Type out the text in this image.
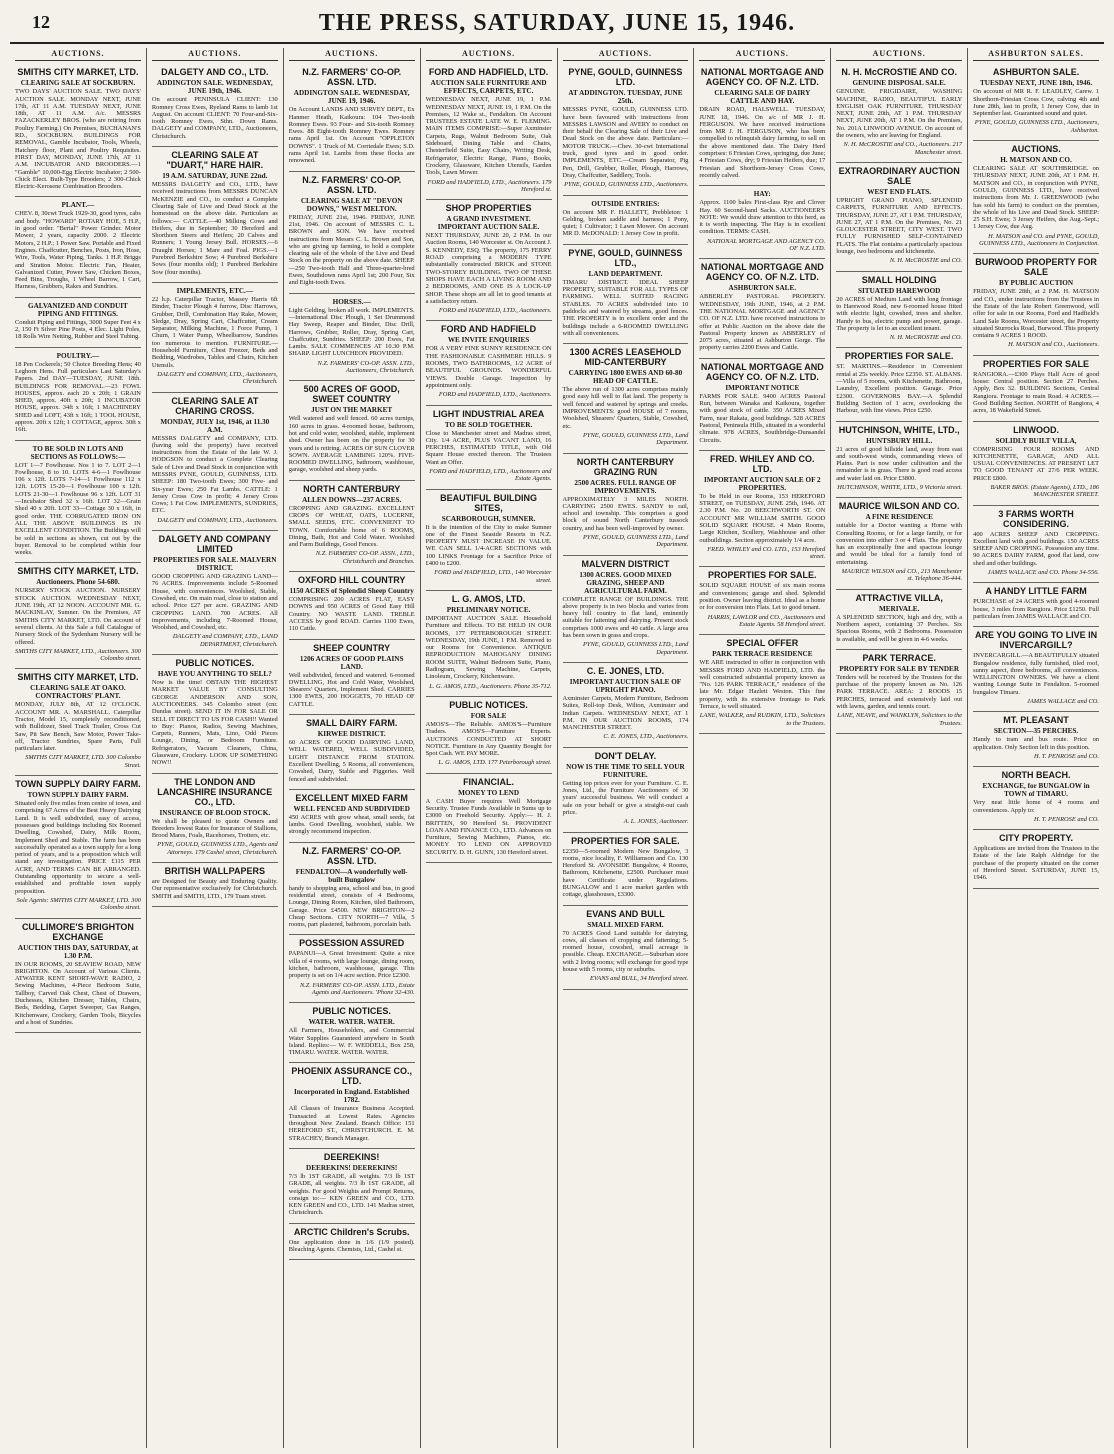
12	THE PRESS, SATURDAY, JUNE 15, 1946.
AUCTIONS.
SMITHS CITY MARKET, LTD.
CLEARING SALE AT SOCKBURN.

TWO DAYS' AUCTION SALE. TWO DAYS' AUCTION SALE. MONDAY NEXT, JUNE 17th, AT 11 A.M. TUESDAY NEXT, JUNE 18th, AT 11 A.M. A/c. MESSRS FAZACKERLEY BROS. (who are retiring from Poultry Farming.) On Premises, BUCHANAN'S RD., SOCKBURN. BUILDINGS FOR REMOVAL, Gamble Incubator, Tools, Wheels, Hatchery floor, Plant and Poultry Requisites. FIRST DAY, MONDAY, JUNE 17th, AT 11 A.M. INCUBATOR AND BROODERS.—1 "Gamble" 10,000-Egg Electric Incubator; 2 500-Chick Elect. Built-Type Brooders; 2 300-Chick Electric-Kerosene Combination Brooders.

PLANT.—

CHEV. 8, 30cwt Truck 1929-30, good tyres, cabs and body. "HOWARD" ROTARY HOE, 5 H.P., in good order. "Bertal" Power Grinder. Motor Mower, 2 years, capacity 2000. 2 Electric Motors, 2 H.P.; 1 Power Saw. Portable and Fixed Engines. Chaffcutter, Benches, Posts, Iron, Hose, Wire, Tools, Water Piping, Tanks. 1 H.P. Briggs and Stratton Motor. Electric Fan, Heater, Galvanized Cutter, Power Saw, Chicken Boxes, Feed Bins, Troughs, 1 Wheel Barrow, 1 Cart, Harness, Grubbers, Rakes and Sundries.

GALVANIZED AND CONDUIT PIPING AND FITTINGS.

Conduit Piping and Fittings, 3000 Super Feet 4 x 2, 150 Ft Silver Pine Posts, 4 Elec. Light Poles, 18 Rolls Wire Netting, Rubber and Steel Tubing.

POULTRY.—

18 Pen Cockerels; 50 Choice Breeding Hens; 40 Leghorn Hens. Full particulars Last Saturday's Papers. 2nd DAY—TUESDAY, JUNE 18th. BUILDINGS FOR REMOVAL.—23 FOWL HOUSES, approx. each 20 x 20ft; 1 GRAIN SHED, approx. 40ft x 20ft; 1 INCUBATOR HOUSE, approx. 34ft x 16ft; 1 MACHINERY SHED and LOFT, 43ft x 16ft; 1 TOOL HOUSE, approx. 20ft x 12ft; 1 COTTAGE, approx. 30ft x 16ft.

TO BE SOLD IN LOTS AND SECTIONS AS FOLLOWS:—

LOT 1—7 Fowlhouse. Nos 1 to 7. LOT 2—1 Fowlhouse, 8 to 10. LOTS 4-6—1 Fowlhouse 106 x 12ft. LOTS 7-14—1 Fowlhouse 112 x 12ft. LOTS 15-20—1 Fowlhouse 100 x 12ft. LOTS 21-30—1 Fowlhouse 96 x 12ft. LOT 31—Incubator Shed 32 x 16ft. LOT 32—Grain Shed 40 x 20ft. LOT 33—Cottage 30 x 16ft, in good order. THE CORRUGATED IRON ON ALL THE ABOVE BUILDINGS IS IN EXCELLENT CONDITION. The Buildings will be sold in sections as shown, cut out by the buyer. Removal to be completed within four weeks.

SMITHS CITY MARKET, LTD.
Auctioneers. Phone 54-680.

NURSERY STOCK AUCTION. NURSERY STOCK AUCTION. WEDNESDAY NEXT, JUNE 19th, AT 12 NOON. ACCOUNT MR. G. MACKINLAY, Sumner. On the Premises, AT SMITHS CITY MARKET, LTD. On account of several clients. At this Sale a full Catalogue of Nursery Stock of the Sydenham Nursery will be offered.

SMITHS CITY MARKET, LTD., Auctioneers. 300 Colombo street.

SMITHS CITY MARKET, LTD.
CLEARING SALE AT OAKO. CONTRACTORS' PLANT.

MONDAY, JULY 8th, AT 12 O'CLOCK. ACCOUNT MR. A. MARSHALL. Caterpillar Tractor, Model 15, completely reconditioned, with Bulldozer, Steel Track Trailer, Cross Cut Saw, Pit Saw Bench, Saw Motor, Power Take-off, Tractor Sundries, Spare Parts, Full particulars later.

SMITHS CITY MARKET, LTD. 300 Colombo Street.

TOWN SUPPLY DAIRY FARM.
TOWN SUPPLY DAIRY FARM.

Situated only five miles from centre of town, and comprising 67 Acres of the Best Heavy Dairying Land. It is well subdivided, easy of access, possesses good buildings including Six Roomed Dwelling, Cowshed, Dairy, Milk Room, Implement Shed and Stable. The farm has been successfully operated as a town supply for a long period of years, and is a proposition which will stand any investigation. PRICE £115 PER ACRE, AND TERMS CAN BE ARRANGED. Outstanding opportunity to secure a well-established and profitable town supply proposition.

Sole Agents: SMITHS CITY MARKET, LTD. 300 Colombo street.

CULLIMORE'S BRIGHTON EXCHANGE
AUCTION THIS DAY, SATURDAY, at 1.30 P.M.

IN OUR ROOMS, 20 SEAVIEW ROAD, NEW BRIGHTON. On Account of Various Clients. ATWATER KENT SHORT-WAVE RADIO, 2 Sewing Machines, 4-Piece Bedroom Suite, Tallboy, Carved Oak Chest, Chest of Drawers, Duchesses, Kitchen Dresser, Tables, Chairs, Beds, Bedding, Carpet Sweeper, Gas Ranges, Kitchenware, Crockery, Garden Tools, Bicycles and a host of Sundries.

AUCTIONS.
DALGETY AND CO., LTD.
ADDINGTON SALE. WEDNESDAY, JUNE 19th, 1946.

On account PENINSULA CLIENT: 130 Romney Cross Ewes, Ryeland Rams to lamb 1st August. On account CLIENT: 70 Four-and-Six-tooth Romney Ewes, Sthn. Down Rams. DALGETY and COMPANY, LTD., Auctioneers, Christchurch.

CLEARING SALE AT "DUART," HARE HAIR.
19 A.M. SATURDAY, JUNE 22nd.

MESSRS DALGETY and CO., LTD., have received instructions from MESSRS DUNCAN McKENZIE and CO., to conduct a Complete Clearing Sale of Live and Dead Stock at the homestead on the above date. Particulars as follows:— CATTLE.—40 Milking Cows and Heifers, due in September; 30 Hereford and Shorthorn Steers and Heifers; 20 Calves and Runners; 1 Young Jersey Bull. HORSES.—6 Draught Horses; 1 Mare and Foal. PIGS.—1 Purebred Berkshire Sow; 4 Purebred Berkshire Sows (four months old); 1 Purebred Berkshire Sow (four months).

IMPLEMENTS, ETC.—

22 h.p. Caterpillar Tractor, Massey Harris 6ft Binder, Tractor Plough 4 furrow, Disc Harrows, Grubber, Drill, Combination Hay Rake, Mower, Sledge, Dray, Spring Cart, Chaffcutter, Cream Separator, Milking Machine, 1 Force Pump, 1 Churn, 1 Water Pump, Wheelbarrow, Sundries too numerous to mention. FURNITURE.—Household Furniture, Chest Freezer, Beds and Bedding, Wardrobes, Tables and Chairs, Kitchen Utensils.

DALGETY and COMPANY, LTD., Auctioneers, Christchurch.

CLEARING SALE AT CHARING CROSS.
MONDAY, JULY 1st, 1946, at 11.30 A.M.

MESSRS DALGETY and COMPANY, LTD. (having sold the property) have received instructions from the Estate of the late W. J. HODGSON to conduct a Complete Clearing Sale of Live and Dead Stock in conjunction with MESSRS PYNE, GOULD, GUINNESS, LTD. SHEEP: 180 Two-tooth Ewes; 300 Five- and Six-year Ewes; 250 Fat Lambs. CATTLE: 1 Jersey Cross Cow in profit; 4 Jersey Cross Cows; 1 Fat Cow. IMPLEMENTS, SUNDRIES, ETC.

DALGETY and COMPANY, LTD., Auctioneers.

DALGETY AND COMPANY LIMITED
PROPERTIES FOR SALE. MALVERN DISTRICT.

GOOD CROPPING AND GRAZING LAND—76 ACRES. Improvements include 5-Roomed House, with conveniences. Woolshed, Stable, Cowshed, etc. On main road, close to station and school. Price £27 per acre. GRAZING AND CROPPING LAND. 700 ACRES. All improvements, including 7-Roomed House, Woolshed, and Cowshed, etc.

DALGETY and COMPANY, LTD., LAND DEPARTMENT, Christchurch.

PUBLIC NOTICES.
HAVE YOU ANYTHING TO SELL?

Now is the time! OBTAIN THE HIGHEST MARKET VALUE BY CONSULTING GEORGE ANDERSON AND SON, AUCTIONEERS. 345 Colombo street (cnr. Dundas street). SEND IT IN FOR SALE OR SELL IT DIRECT TO US FOR CASH!! Wanted to Buy: Pianos, Radios, Sewing Machines, Carpets, Runners, Mats, Lino, Odd Pieces Lounge, Dining, or Bedroom Furniture. Refrigerators, Vacuum Cleaners, China, Glassware, Crockery. LOOK UP SOMETHING NOW!!

THE LONDON AND LANCASHIRE INSURANCE CO., LTD.
INSURANCE OF BLOOD STOCK.

We shall be pleased to quote Owners and Breeders lowest Rates for Insurance of Stallions, Brood Mares, Foals, Racehorses, Trotters, etc.

PYNE, GOULD, GUINNESS LTD., Agents and Attorneys. 179 Cashel street, Christchurch.

BRITISH WALLPAPERS

are Designed for Beauty and Enduring Quality. Our representative exclusively for Christchurch. SMITH and SMITH, LTD., 179 Tuam street.

AUCTIONS.
N.Z. FARMERS' CO-OP. ASSN. LTD.
ADDINGTON SALE. WEDNESDAY, JUNE 19, 1946.

On Account LANDS AND SURVEY DEPT., Ex Hanmer Heath, Kaikoura: 104 Two-tooth Romney Ewes. 93 Four- and Six-tooth Romney Ewes. 88 Eight-tooth Romney Ewes. Romney rams April 1st. On Account "OPPLETON DOWNS". 1 Truck of M. Corriedale Ewes; S.D. rams April 1st. Lambs from these flocks are renowned.

N.Z. FARMERS' CO-OP. ASSN. LTD.
CLEARING SALE AT "DEVON DOWNS," WEST MELTON.

FRIDAY, JUNE 21st, 1946. FRIDAY, JUNE 21st, 1946. On account of MESSRS C. L. BROWN and SON. We have received instructions from Messrs C. L. Brown and Son, who are giving up farming, to hold a complete clearing sale of the whole of the Live and Dead Stock on the property on the above date. SHEEP.—250 Two-tooth Half and Three-quarter-bred Ewes, Southdown rams April 1st; 200 Four, Six and Eight-tooth Ewes.

HORSES.—

Light Gelding, broken all work. IMPLEMENTS.—International Disc Plough, 1 Set Drummond Hay Sweep, Reaper and Binder, Disc Drill, Harrows, Grubber, Roller, Dray, Spring Cart, Chaffcutter, Sundries. SHEEP: 200 Ewes, Fat Lambs. SALE COMMENCES AT 10.30 P.M. SHARP. LIGHT LUNCHEON PROVIDED.

N.Z. FARMERS' CO-OP. ASSN. LTD., Auctioneers, Christchurch.

500 ACRES OF GOOD, SWEET COUNTRY
JUST ON THE MARKET

Well watered and well fenced. 60 acres turnips, 160 acres in grass. 4-roomed house, bathroom, hot and cold water, woolshed, stable, implement shed. Owner has been on the property for 30 years and is retiring. ACRES OF SUN CLOVER SOWN. AVERAGE LAMBING 120%. FIVE-ROOMED DWELLING, bathroom, washhouse, garage, woolshed and sheep yards.

NORTH CANTERBURY
ALLEN DOWNS—237 ACRES.

CROPPING AND GRAZING. EXCELLENT CROPS OF WHEAT, OATS, LUCERNE, SMALL SEEDS, ETC. CONVENIENT TO TOWN. Comfortable home of 6 ROOMS, Dining, Bath, Hot and Cold Water. Woolshed and Farm Buildings, Good Fences.

N.Z. FARMERS' CO-OP. ASSN., LTD., Christchurch and Branches.

OXFORD HILL COUNTRY
1150 ACRES of Splendid Sheep Country

COMPRISING 200 ACRES FLAT, EASY DOWNS and 950 ACRES of Good Easy Hill Country. NO WASTE LAND. TREBLE ACCESS by good ROAD. Carries 1100 Ewes, 110 Cattle.

SHEEP COUNTRY
1206 ACRES OF GOOD PLAINS LAND.

Well subdivided, fenced and watered. 6-roomed DWELLING, Hot and Cold Water, Woolshed, Shearers' Quarters, Implement Shed. CARRIES 1300 EWES, 200 HOGGETS, 70 HEAD OF CATTLE.

SMALL DAIRY FARM.
KIRWEE DISTRICT.

60 ACRES OF GOOD DAIRYING LAND, WELL WATERED, WELL SUBDIVIDED, LIGHT DISTANCE FROM STATION. Excellent Dwelling, 5 Rooms, all conveniences, Cowshed, Dairy, Stable and Piggeries. Well fenced and subdivided.

EXCELLENT MIXED FARM
WELL FENCED AND SUBDIVIDED

450 ACRES with grow wheat, small seeds, fat lambs. Good Dwelling, woolshed, stable. We strongly recommend inspection.

N.Z. FARMERS' CO-OP. ASSN. LTD.
FENDALTON—A wonderfully well-built Bungalow

handy to shopping area, school and bus, in good residential street, consists of 4 Bedrooms, Lounge, Dining Room, Kitchen, tiled Bathroom, Garage. Price £4500. NEW BRIGHTON—2 Cheap Sections. CITY NORTH—7 Villa, 5 rooms, part plastered, bathroom, porcelain bath.

POSSESSION ASSURED

PAPANUI—A Great Investment: Quite a nice villa of 4 rooms, with large lounge, dining room, kitchen, bathroom, washhouse, garage. This property is set on 1/4 acre section. Price £2300.

N.Z. FARMERS' CO-OP. ASSN. LTD., Estate Agents and Auctioneers. 'Phone 32-430.

PUBLIC NOTICES.
WATER. WATER. WATER.

All Farmers, Householders, and Commercial Water Supplies Guaranteed anywhere in South Island. Replies:— W. F. WEDDELL, Box 258, TIMARU. WATER. WATER. WATER.

PHOENIX ASSURANCE CO., LTD.
Incorporated in England. Established 1782.

All Classes of Insurance Business Accepted. Transacted at Lowest Rates. Agencies throughout New Zealand. Branch Office: 151 HEREFORD ST., CHRISTCHURCH. E. M. STRACHEY, Branch Manager.

DEEREKINS!
DEEREKINS! DEEREKINS!

7/3 lb 1ST GRADE, all weights. 7/3 lb 1ST GRADE, all weights. 7/3 lb 1ST GRADE, all weights. For good Weights and Prompt Returns, consign to:— KEN GREEN and CO., LTD. KEN GREEN and CO., LTD. 141 Madras street, Christchurch.

ARCTIC Children's Scrubs.

One application done in 1/6 (1/9 posted). Bleaching Agents. Chemists, Ltd., Cashel st.

AUCTIONS.
FORD AND HADFIELD, LTD.
AUCTION SALE FURNITURE AND EFFECTS, CARPETS, ETC.

WEDNESDAY NEXT, JUNE 19, 1 P.M. WEDNESDAY NEXT, JUNE 19, 1 P.M. On the Premises, 12 Wake st., Fendalton. On Account TRUSTEES ESTATE LATE W. E. FLEMING. MAIN ITEMS COMPRISE:—Super Axminster Carpets, Rugs, Walnut Bedroom Suite, Oak Sideboard, Dining Table and Chairs, Chesterfield Suite, Easy Chairs, Writing Desk, Refrigerator, Electric Range, Piano, Books, Crockery, Glassware, Kitchen Utensils, Garden Tools, Lawn Mower.

FORD and HADFIELD, LTD., Auctioneers. 179 Hereford st.

SHOP PROPERTIES
A GRAND INVESTMENT. IMPORTANT AUCTION SALE.

NEXT THURSDAY, JUNE 20, 2 P.M. In our Auction Rooms, 140 Worcester st. On Account J. S. KENNEDY, ESQ. The property, 175 FERRY ROAD comprising a MODERN TYPE substantially constructed BRICK and STONE TWO-STOREY BUILDING. TWO OF THESE SHOPS HAVE EACH A LIVING ROOM AND 2 BEDROOMS, AND ONE IS A LOCK-UP SHOP. These shops are all let to good tenants at a satisfactory return.

FORD and HADFIELD, LTD., Auctioneers.

FORD AND HADFIELD
WE INVITE ENQUIRIES

FOR A VERY FINE SUNNY RESIDENCE ON THE FASHIONABLE CASHMERE HILLS. 9 ROOMS, TWO BATHROOMS, 1/2 ACRE of BEAUTIFUL GROUNDS. WONDERFUL VIEWS. Double Garage. Inspection by appointment only.

FORD and HADFIELD, LTD., Auctioneers.

LIGHT INDUSTRIAL AREA
TO BE SOLD TOGETHER.

Close to Manchester street and Madras street, City. 1/4 ACRE, PLUS VACANT LAND, 16 PERCHES, ESTIMATED TITLE, with Old Square House erected thereon. The Trustees Want an Offer.

FORD and HADFIELD, LTD., Auctioneers and Estate Agents.

BEAUTIFUL BUILDING SITES,
SCARBOROUGH, SUMNER.

It is the intention of the City to make Sumner one of the Finest Seaside Resorts in N.Z. PROPERTY MUST INCREASE IN VALUE. WE CAN SELL 1/4-ACRE SECTIONS with 100 LINKS Frontage for a Sacrifice Price of £400 to £200.

FORD and HADFIELD, LTD., 140 Worcester street.

L. G. AMOS, LTD.
PRELIMINARY NOTICE.

IMPORTANT AUCTION SALE. Household Furniture and Effects. TO BE HELD IN OUR ROOMS, 177 PETERBOROUGH STREET. WEDNESDAY, 19th JUNE, 1 P.M. Removed to our Rooms for Convenience. ANTIQUE REPRODUCTION MAHOGANY DINING ROOM SUITE, Walnut Bedroom Suite, Piano, Radiogram, Sewing Machine, Carpets, Linoleum, Crockery, Kitchenware.

L. G. AMOS, LTD., Auctioneers. Phone 35-712.

PUBLIC NOTICES.
FOR SALE

AMOS'S—The Reliable. AMOS'S—Furniture Traders. AMOS'S—Furniture Experts. AUCTIONS CONDUCTED AT SHORT NOTICE. Furniture in Any Quantity Bought for Spot Cash. WE PAY MORE.

L. G. AMOS, LTD. 177 Peterborough street.

FINANCIAL.
MONEY TO LEND

A CASH Buyer requires Well Mortgage Security. Trustee Funds Available in Sums up to £3000 on Freehold Security. Apply:— H. J. BRITTEN, 90 Hereford St. PROVIDENT LOAN AND FINANCE CO., LTD. Advances on Furniture, Sewing Machines, Pianos, etc. MONEY TO LEND ON APPROVED SECURITY. D. H. GUNN, 130 Hereford street.

AUCTIONS.
PYNE, GOULD, GUINNESS LTD.
AT ADDINGTON. TUESDAY, JUNE 25th.

MESSRS PYNE, GOULD, GUINNESS LTD. have been favoured with instructions from MESSRS LAWSON and AVERY to conduct on their behalf the Clearing Sale of their Live and Dead Stock on the above date. Particulars:— MOTOR TRUCK.—Chev. 30-cwt International truck, good tyres and in good order. IMPLEMENTS, ETC.—Cream Separator, Pig Pen, Drill, Grubber, Roller, Plough, Harrows, Dray, Chaffcutter, Saddlery, Tools.

PYNE, GOULD, GUINNESS LTD., Auctioneers.

OUTSIDE ENTRIES:

On account MR F. HALLETT, Prebbleton: 1 Gelding, broken saddle and harness; 1 Pony, quiet; 1 Cultivator; 1 Lawn Mower. On account MR D. McDONALD: 1 Jersey Cow in profit.

PYNE, GOULD, GUINNESS LTD.,
LAND DEPARTMENT.

TIMARU DISTRICT. IDEAL SHEEP PROPERTY, SUITABLE FOR ALL TYPES OF FARMING. WELL SUITED RACING STABLES. 70 ACRES subdivided into 10 paddocks and watered by streams, good fences. THE PROPERTY is in excellent order and the buildings include a 6-ROOMED DWELLING with all conveniences.

1300 ACRES LEASEHOLD MID-CANTERBURY
CARRYING 1800 EWES AND 60-80 HEAD OF CATTLE.

The above run of 1300 acres comprises mainly good easy hill well to flat land. The property is well fenced and watered by springs and creeks. IMPROVEMENTS: good HOUSE of 7 rooms, Woolshed, Shearers' Quarters, Stable, Cowshed, etc.

PYNE, GOULD, GUINNESS LTD., Land Department.

NORTH CANTERBURY GRAZING RUN
2500 ACRES. FULL RANGE OF IMPROVEMENTS.

APPROXIMATELY 3 MILES NORTH. CARRYING 2500 EWES. SANDY to rail, school and township. This comprises a good block of sound North Canterbury tussock country, and has been well-improved by owner.

PYNE, GOULD, GUINNESS LTD., Land Department.

MALVERN DISTRICT
1300 ACRES. GOOD MIXED GRAZING, SHEEP AND AGRICULTURAL FARM.

COMPLETE RANGE OF BUILDINGS. THE above property is in two blocks and varies from heavy hill country to flat land, eminently suitable for fattening and dairying. Present stock comprises 1000 ewes and 40 cattle. A large area has been sown in grass and crops.

PYNE, GOULD, GUINNESS LTD., Land Department.

C. E. JONES, LTD.
IMPORTANT AUCTION SALE OF UPRIGHT PIANO.

Axminster Carpets, Modern Furniture, Bedroom Suites, Roll-top Desk, Wilton, Axminster and Indian Carpets. WEDNESDAY NEXT, AT 1 P.M. IN OUR AUCTION ROOMS, 174 MANCHESTER STREET.

C. E. JONES, LTD., Auctioneers.

DON'T DELAY.
NOW IS THE TIME TO SELL YOUR FURNITURE.

Getting top prices ever for your Furniture. C. E. Jones, Ltd., the Furniture Auctioneers of 30 years' successful business. We will conduct a sale on your behalf or give a straight-out cash price.

A. L. JONES, Auctioneer.

PROPERTIES FOR SALE.

£2350—5-roomed Modern New Bungalow, 3 rooms, nice locality, F. Williamson and Co. 130 Hereford St. AVONSIDE Bungalow, 4 Rooms, Bathroom, Kitchenette, £2500. Purchaser must have Certificate under Regulations. BUNGALOW and 1 acre market garden with cottage, glasshouses, £3300.

EVANS AND BULL
SMALL MIXED FARM.

70 ACRES Good Land suitable for dairying, cows, all classes of cropping and fattening; 5-roomed house, cowshed, small acreage is possible. Cheap. EXCHANGE.—Suburban store with 2 living rooms; will exchange for good type house with 5 rooms, city or suburbs.

EVANS and BULL, 34 Hereford street.

AUCTIONS.
NATIONAL MORTGAGE AND AGENCY CO. OF N.Z. LTD.
CLEARING SALE OF DAIRY CATTLE AND HAY.

DRAIN ROAD, HALSWELL. TUESDAY, JUNE 18, 1946. On a/c of MR J. H. FERGUSON. We have received instructions from MR J. H. FERGUSON, who has been compelled to relinquish dairy farming, to sell on the above mentioned date. The Dairy Herd comprises: 6 Friesian Cows, springing, due June; 4 Friesian Cows, dry; 9 Friesian Heifers, due; 17 Friesian and Shorthorn-Jersey Cross Cows, recently calved.

HAY:

Approx. 1100 bales First-class Rye and Clover Hay. 60 Second-hand Sacks. AUCTIONEER'S NOTE: We would draw attention to this herd, as it is worth inspecting. The Hay is in excellent condition. TERMS: CASH.

NATIONAL MORTGAGE AND AGENCY CO. OF N.Z. LTD.

NATIONAL MORTGAGE AND AGENCY CO. OF N.Z. LTD.
ASHBURTON SALE.

ABBERLEY PASTORAL PROPERTY. WEDNESDAY, 19th JUNE, 1946, at 2 P.M. THE NATIONAL MORTGAGE and AGENCY CO. OF N.Z. LTD. have received instructions to offer at Public Auction on the above date the Pastoral Property known as ABBERLEY of 2075 acres, situated at Ashburton Gorge. The property carries 2200 Ewes and Cattle.

NATIONAL MORTGAGE AND AGENCY CO. OF N.Z. LTD.
IMPORTANT NOTICE

FARMS FOR SALE. 9400 ACRES Pastoral Run, between Wanaka and Kaikoura, together with good stock of cattle. 350 ACRES Mixed Farm, near Rakaia, good buildings. 528 ACRES Pastoral, Peninsula Hills, situated in a wonderful climate. 978 ACRES, Southbridge-Dunsandel Circuits.

FRED. WHILEY AND CO. LTD.
IMPORTANT AUCTION SALE OF 2 PROPERTIES.

To be Held in our Rooms, 153 HEREFORD STREET, on TUESDAY, JUNE 25th, 1946. AT 2.30 P.M. No. 20 BEECHWORTH ST. ON ACCOUNT MR WILLIAM SMITH. GOOD SOLID SQUARE HOUSE. 4 Main Rooms, Large Kitchen, Scullery, Washhouse and other outbuildings. Section approximately 1/4 acre.

FRED. WHILEY and CO. LTD., 153 Hereford street.

PROPERTIES FOR SALE.

SOLID SQUARE HOUSE of six main rooms and conveniences; garage and shed. Splendid position. Owner leaving district. Ideal as a home or for conversion into Flats. Let to good tenant.

HARRIS, LAWLOR and CO., Auctioneers and Estate Agents. 58 Hereford street.

SPECIAL OFFER
PARK TERRACE RESIDENCE

WE ARE instructed to offer in conjunction with MESSRS FORD AND HADFIELD, LTD. the well constructed substantial property known as "No. 126 PARK TERRACE," residence of the late Mr. Edgar Hazlett Weston. This fine property, with its extensive frontage to Park Terrace, is well situated.

LANE, WALKER, and RUDKIN, LTD., Solicitors to the Trustees.

AUCTIONS.
N. H. McCROSTIE AND CO.
GENUINE DISPOSAL SALE.

GENUINE FRIGIDAIRE, WASHING MACHINE, RADIO, BEAUTIFUL EARLY ENGLISH OAK FURNITURE. THURSDAY NEXT, JUNE 20th, AT 1 P.M. THURSDAY NEXT, JUNE 20th, AT 1 P.M. On the Premises, No. 201A LINWOOD AVENUE. On account of the owners, who are leaving for England.

N. H. McCROSTIE and CO., Auctioneers. 217 Manchester street.

EXTRAORDINARY AUCTION SALE
WEST END FLATS.

UPRIGHT GRAND PIANO, SPLENDID CARPETS, FURNITURE AND EFFECTS. THURSDAY, JUNE 27, AT 1 P.M. THURSDAY, JUNE 27, AT 1 P.M. On the Premises, No. 21 GLOUCESTER STREET, CITY WEST. TWO FULLY FURNISHED SELF-CONTAINED FLATS. The Flat contains a particularly spacious lounge, two bedrooms and kitchenette.

N. H. McCROSTIE and CO.

SMALL HOLDING
SITUATED HAREWOOD

20 ACRES of Medium Land with long frontage to Harewood Road, new 6-roomed house fitted with electric light, cowshed, trees and shelter. Handy to bus, electric pump and power, garage. The property is let to an excellent tenant.

N. H. McCROSTIE and CO.

PROPERTIES FOR SALE.

ST. MARTINS.—Residence in Convenient rental at 25s weekly. Price £2350. ST. ALBANS.—Villa of 5 rooms, with Kitchenette, Bathroom, Laundry, Excellent position. Garage. Price £2300. GOVERNORS BAY.—A Splendid Building Section of 1 acre, overlooking the Harbour, with fine views. Price £250.

HUTCHINSON, WHITE, LTD.,
HUNTSBURY HILL.

21 acres of good hillside land, away from east and south-west winds, commanding views of Plains. Part is now under cultivation and the remainder is in grass. There is good road access and water laid on. Price £3800.

HUTCHINSON, WHITE, LTD., 9 Victoria street.

MAURICE WILSON AND CO.
A FINE RESIDENCE

suitable for a Doctor wanting a Home with Consulting Rooms, or for a large family, or for conversion into either 3 or 4 Flats. The property has an exceptionally fine and spacious lounge and would be ideal for a family fond of entertaining.

MAURICE WILSON and CO., 213 Manchester st. Telephone 36-444.

ATTRACTIVE VILLA,
MERIVALE.

A SPLENDID SECTION, high and dry, with a Northern aspect, containing 37 Perches. Six Spacious Rooms, with 2 Bedrooms. Possession is available, and will be given in 4-6 weeks.

PARK TERRACE.
PROPERTY FOR SALE BY TENDER

Tenders will be received by the Trustees for the purchase of the property known as No. 126 PARK TERRACE. AREA: 2 ROODS 15 PERCHES, terraced and extensively laid out with lawns, garden, and tennis court.

LANE, NEAVE, and WANKLYN, Solicitors to the Trustees.

ASHBURTON SALES.
ASHBURTON SALE.
TUESDAY NEXT, JUNE 18th, 1946.

On account of MR R. F. LEADLEY, Carew. 1 Shorthorn-Friesian Cross Cow, calving 4th and June 28th, last in profit, 1 Jersey Cow, due in September last. Guaranteed sound and quiet.

PYNE, GOULD, GUINNESS LTD., Auctioneers, Ashburton.

AUCTIONS.
H. MATSON AND CO.

CLEARING SALE AT SOUTHBRIDGE. on THURSDAY NEXT, JUNE 20th, AT 1 P.M. H. MATSON and CO., in conjunction with PYNE, GOULD, GUINNESS LTD., have received instructions from Mr. J. GREENWOOD (who has sold his farm) to conduct on the premises, the whole of his Live and Dead Stock. SHEEP: 25 S.H. Ewes; 3 Jersey Heifers, due Aug.-Sept.; 1 Jersey Cow, due Aug.

H. MATSON and CO. and PYNE, GOULD, GUINNESS LTD., Auctioneers in Conjunction.

BURWOOD PROPERTY FOR SALE
BY PUBLIC AUCTION

FRIDAY, JUNE 28th, at 2 P.M. H. MATSON and CO., under instructions from the Trustees in the Estate of the late Robert Greenwood, will offer for sale in our Rooms, Ford and Hadfield's Land Sale Rooms, Worcester street, the Property situated Sturrocks Road, Burwood. This property contains 9 ACRES 1 ROOD.

H. MATSON and CO., Auctioneers.

PROPERTIES FOR SALE

RANGIORA.—£300 Plays Half Acre of good house: Central position. Section 27 Perches. Apply, Box 32. BUILDING Sections, Central Rangiora. Frontage to main Road. 4 ACRES.—Good Building Section. NORTH of Rangiora, 4 acres, 18 Wakefield Street.

LINWOOD.
SOLIDLY BUILT VILLA,

COMPRISING FOUR ROOMS AND KITCHENETTE, GARAGE, AND ALL USUAL CONVENIENCES. AT PRESENT LET TO GOOD TENANT AT 27/6 PER WEEK. PRICE £800.

BAKER BROS. (Estate Agents), LTD., 186 MANCHESTER STREET.

3 FARMS WORTH CONSIDERING.

400 ACRES SHEEP AND CROPPING. Excellent land with good buildings. 150 ACRES SHEEP AND CROPPING. Possession any time. 90 ACRES DAIRY FARM, good flat land, cow shed and other buildings.

JAMES WALLACE and CO. Phone 34-556.

A HANDY LITTLE FARM

PURCHASE of 24 ACRES with good 4-roomed house, 3 miles from Rangiora. Price £1250. Full particulars from JAMES WALLACE and CO.

ARE YOU GOING TO LIVE IN INVERCARGILL?

INVERCARGILL.—A BEAUTIFULLY situated Bungalow residence, fully furnished, tiled roof, sunny aspect, three bedrooms, all conveniences. WELLINGTON OWNERS. We have a client wanting Lounge Suite in Fendalton. 5-roomed bungalow Timaru.

JAMES WALLACE and CO.

MT. PLEASANT
SECTION—35 PERCHES.

Handy to tram and bus route. Price on application. Only Section left in this position.

H. T. PENROSE and CO.

NORTH BEACH.
EXCHANGE, for BUNGALOW in TOWN of TIMARU.

Very neat little home of 4 rooms and conveniences. Apply to:

H. T. PENROSE and CO.

CITY PROPERTY.

Applications are invited from the Trustees in the Estate of the late Ralph Aldridge for the purchase of the property situated on the corner of Hereford Street. SATURDAY, JUNE 15, 1946.
